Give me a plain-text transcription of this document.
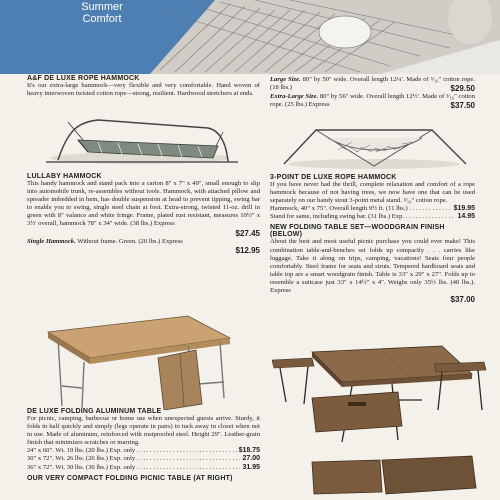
Summer
Comfort
A&F DE LUXE ROPE HAMMOCK
It's our extra-large hammock—very flexible and very comfortable. Hand woven of heavy interwoven twisted cotton rope—strong, resilient. Hardwood stretchers at ends.
LULLABY HAMMOCK
This handy hammock and stand pack into a carton 8" x 7" x 49", small enough to slip into automobile trunk, re-assembles without tools. Hammock, with attached pillow and spreader imbedded in hem, has double suspension at head to prevent tipping, swing bar to enable you to swing, single steel chain at foot. Extra-strong, twisted 11-oz. drill in green with 8" valance and white fringe. Frame, plated rust resistant, measures 10½" x 3½' overall, hammock 78" x 34" wide. (38 lbs.) Express
$27.45
Single Hammock. Without frame. Green. (20 lbs.) Express
$12.95
DE LUXE FOLDING ALUMINUM TABLE
For picnic, camping, barbecue or home use when unexpected guests arrive. Sturdy, it folds in half quickly and simply (legs operate in pairs) to tuck away in closet when not in use. Made of aluminum, reinforced with rustproofed steel. Height 29". Leather-grain finish that minimizes scratches or marring.
24" x 60". Wt. 19 lbs. (20 lbs.) Exp. only . . .	$18.75
30" x 72". Wt. 26 lbs. (26 lbs.) Exp. only . . .	27.00
36" x 72". Wt. 30 lbs. (30 lbs.) Exp. only . . .	31.95
OUR VERY COMPACT FOLDING PICNIC TABLE (AT RIGHT)
Large Size. 80" by 50" wide. Overall length 12¼'. Made of ⁵⁄₁₆" cotton rope. (18 lbs.)	$29.50
Extra-Large Size. 80" by 56" wide. Overall length 12½'. Made of ⁵⁄₁₆" cotton rope. (25 lbs.) Express	$37.50
3-POINT DE LUXE ROPE HAMMOCK
If you have never had the thrill, complete relaxation and comfort of a rope hammock because of not having trees, we now have one that can be used separately on our handy stout 3-point metal stand. ⁵⁄₁₆" cotton rope.
Hammock, 40" x 75". Overall length 9½ ft. (11 lbs.) . . .	$19.95
Stand for same, including swing bar. (31 lbs.) Exp. . . .	14.95
NEW FOLDING TABLE SET—WOODGRAIN FINISH (BELOW)
About the best and most useful picnic purchase you could ever make! This combination table-and-benches set folds up compactly . . . carries like luggage. Take it along on trips, camping, vacations! Seats four people comfortably. Steel frame for seats and struts. Tempered hardboard seats and table top are a smart woodgrain finish. Table is 33" x 29" x 27". Folds up to resemble a suitcase just 33" x 14½" x 4". Weighs only 35½ lbs. (40 lbs.). Express
$37.00
